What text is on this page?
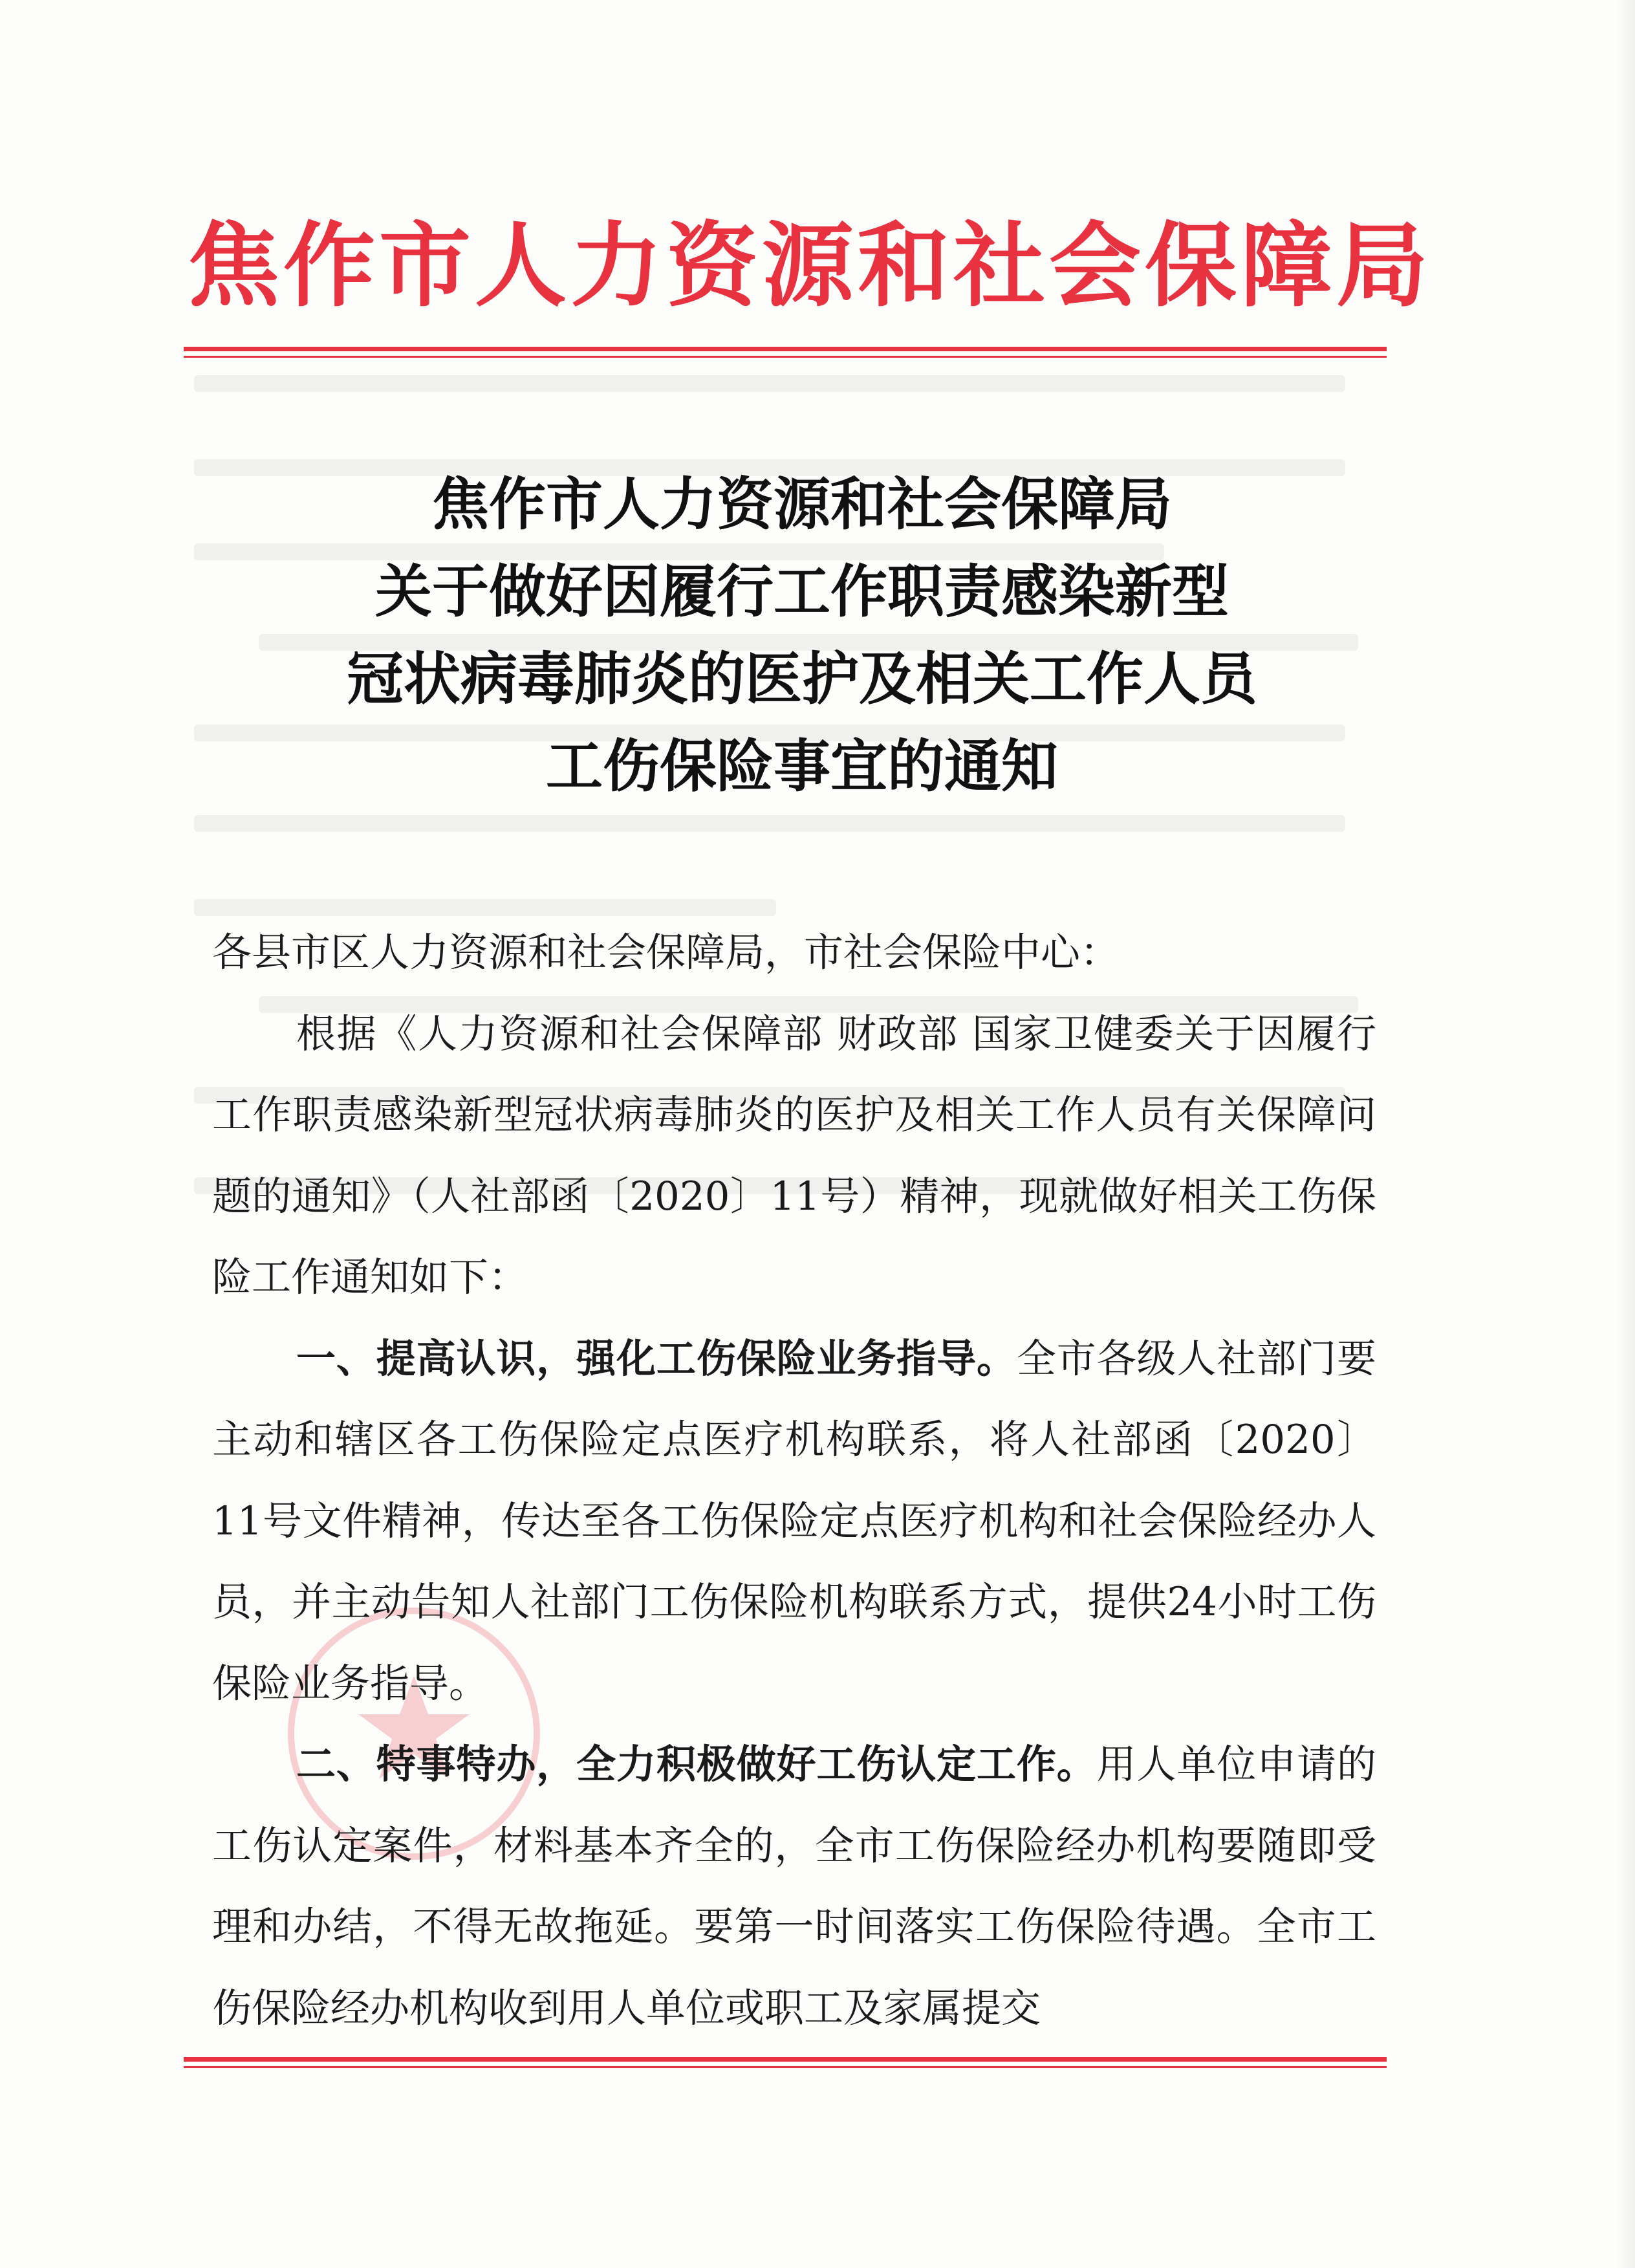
焦作市人力资源和社会保障局
焦作市人力资源和社会保障局
关于做好因履行工作职责感染新型
冠状病毒肺炎的医护及相关工作人员
工伤保险事宜的通知

各县市区人力资源和社会保障局，市社会保险中心：

根据《人力资源和社会保障部 财政部 国家卫健委关于因履行工作职责感染新型冠状病毒肺炎的医护及相关工作人员有关保障问题的通知》（人社部函〔2020〕11号）精神，现就做好相关工伤保险工作通知如下：

一、提高认识，强化工伤保险业务指导。全市各级人社部门要主动和辖区各工伤保险定点医疗机构联系，将人社部函〔2020〕11号文件精神，传达至各工伤保险定点医疗机构和社会保险经办人员，并主动告知人社部门工伤保险机构联系方式，提供24小时工伤保险业务指导。

二、特事特办，全力积极做好工伤认定工作。用人单位申请的工伤认定案件，材料基本齐全的，全市工伤保险经办机构要随即受理和办结，不得无故拖延。要第一时间落实工伤保险待遇。全市工伤保险经办机构收到用人单位或职工及家属提交
